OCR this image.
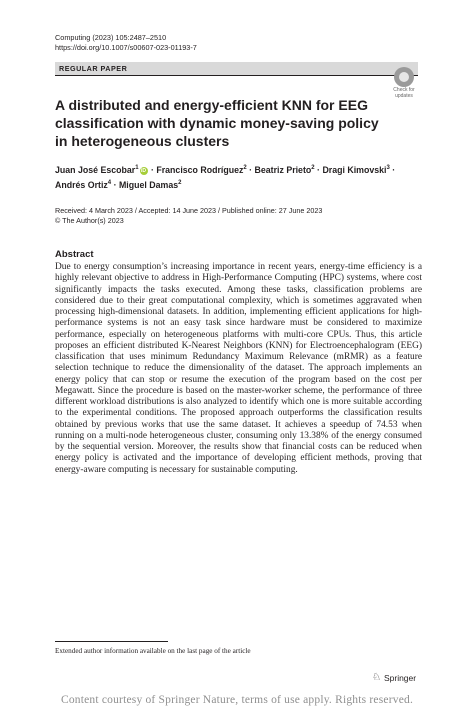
Computing (2023) 105:2487–2510
https://doi.org/10.1007/s00607-023-01193-7
REGULAR PAPER
Check for updates
A distributed and energy-efficient KNN for EEG classification with dynamic money-saving policy in heterogeneous clusters
Juan José Escobar$^1$ iD · Francisco Rodríguez$^2$ · Beatriz Prieto$^2$ · Dragi Kimovski$^3$ ·
Andrés Ortiz$^4$ · Miguel Damas$^2$
Received: 4 March 2023 / Accepted: 14 June 2023 / Published online: 27 June 2023
© The Author(s) 2023
Abstract
Due to energy consumption’s increasing importance in recent years, energy-time efficiency is a highly relevant objective to address in High-Performance Computing (HPC) systems, where cost significantly impacts the tasks executed. Among these tasks, classification problems are considered due to their great computational complexity, which is sometimes aggravated when processing high-dimensional datasets. In addition, implementing efficient applications for high-performance systems is not an easy task since hardware must be considered to maximize performance, especially on heterogeneous platforms with multi-core CPUs. Thus, this article proposes an efficient distributed K-Nearest Neighbors (KNN) for Electroencephalogram (EEG) classification that uses minimum Redundancy Maximum Relevance (mRMR) as a feature selection technique to reduce the dimensionality of the dataset. The approach implements an energy policy that can stop or resume the execution of the program based on the cost per Megawatt. Since the procedure is based on the master-worker scheme, the performance of three different workload distributions is also analyzed to identify which one is more suitable according to the experimental conditions. The proposed approach outperforms the classification results obtained by previous works that use the same dataset. It achieves a speedup of 74.53 when running on a multi-node heterogeneous cluster, consuming only 13.38% of the energy consumed by the sequential version. Moreover, the results show that financial costs can be reduced when energy policy is activated and the importance of developing efficient methods, proving that energy-aware computing is necessary for sustainable computing.
Extended author information available on the last page of the article
♘ Springer
Content courtesy of Springer Nature, terms of use apply. Rights reserved.
